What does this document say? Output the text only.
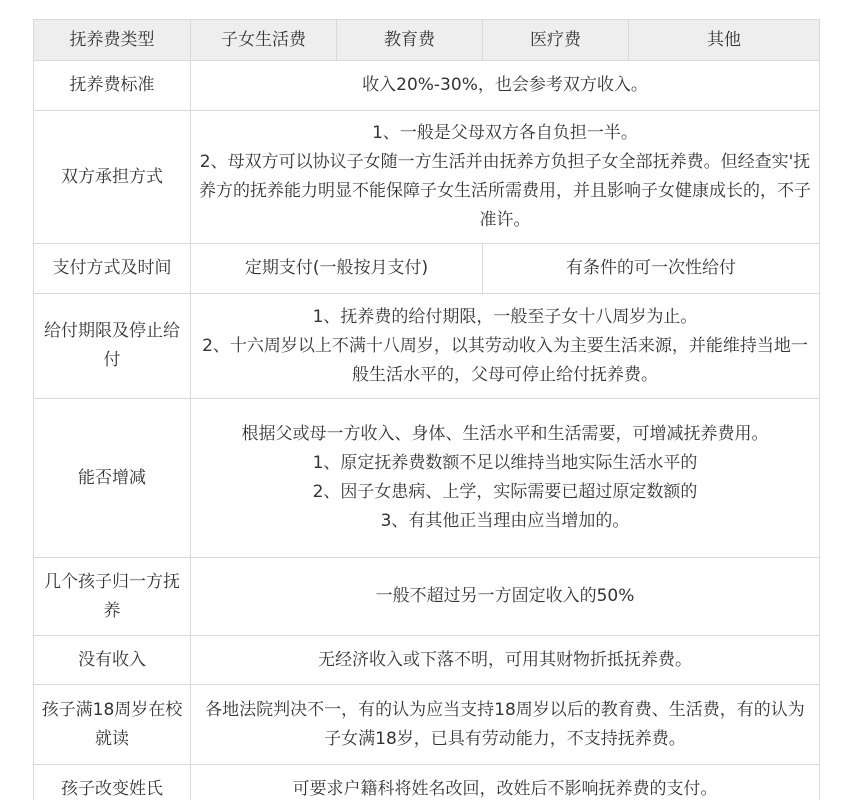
抚养费类型	子女生活费	教育费	医疗费	其他
抚养费标准	收入20%-30%，也会参考双方收入。			

双方承担方式	1、一般是父母双方各自负担一半。
2、母双方可以协议子女随一方生活并由抚养方负担子女全部抚养费。但经查实'抚养方的抚养能力明显不能保障子女生活所需费用，并且影响子女健康成长的，不子准许。			

支付方式及时间	定期支付(一般按月支付)		有条件的可一次性给付	
给付期限及停止给付	1、抚养费的给付期限，一般至子女十八周岁为止。
2、十六周岁以上不满十八周岁，以其劳动收入为主要生活来源，并能维持当地一般生活水平的，父母可停止给付抚养费。			

能否增减	根据父或母一方收入、身体、生活水平和生活需要，可增减抚养费用。
1、原定抚养费数额不足以维持当地实际生活水平的
2、因子女患病、上学，实际需要已超过原定数额的
3、有其他正当理由应当增加的。			

几个孩子归一方抚养	一般不超过另一方固定收入的50%			

没有收入	无经济收入或下落不明，可用其财物折抵抚养费。			

孩子满18周岁在校就读	各地法院判决不一，有的认为应当支持18周岁以后的教育费、生活费，有的认为子女满18岁，已具有劳动能力，不支持抚养费。			

孩子改变姓氏	可要求户籍科将姓名改回，改姓后不影响抚养费的支付。			
